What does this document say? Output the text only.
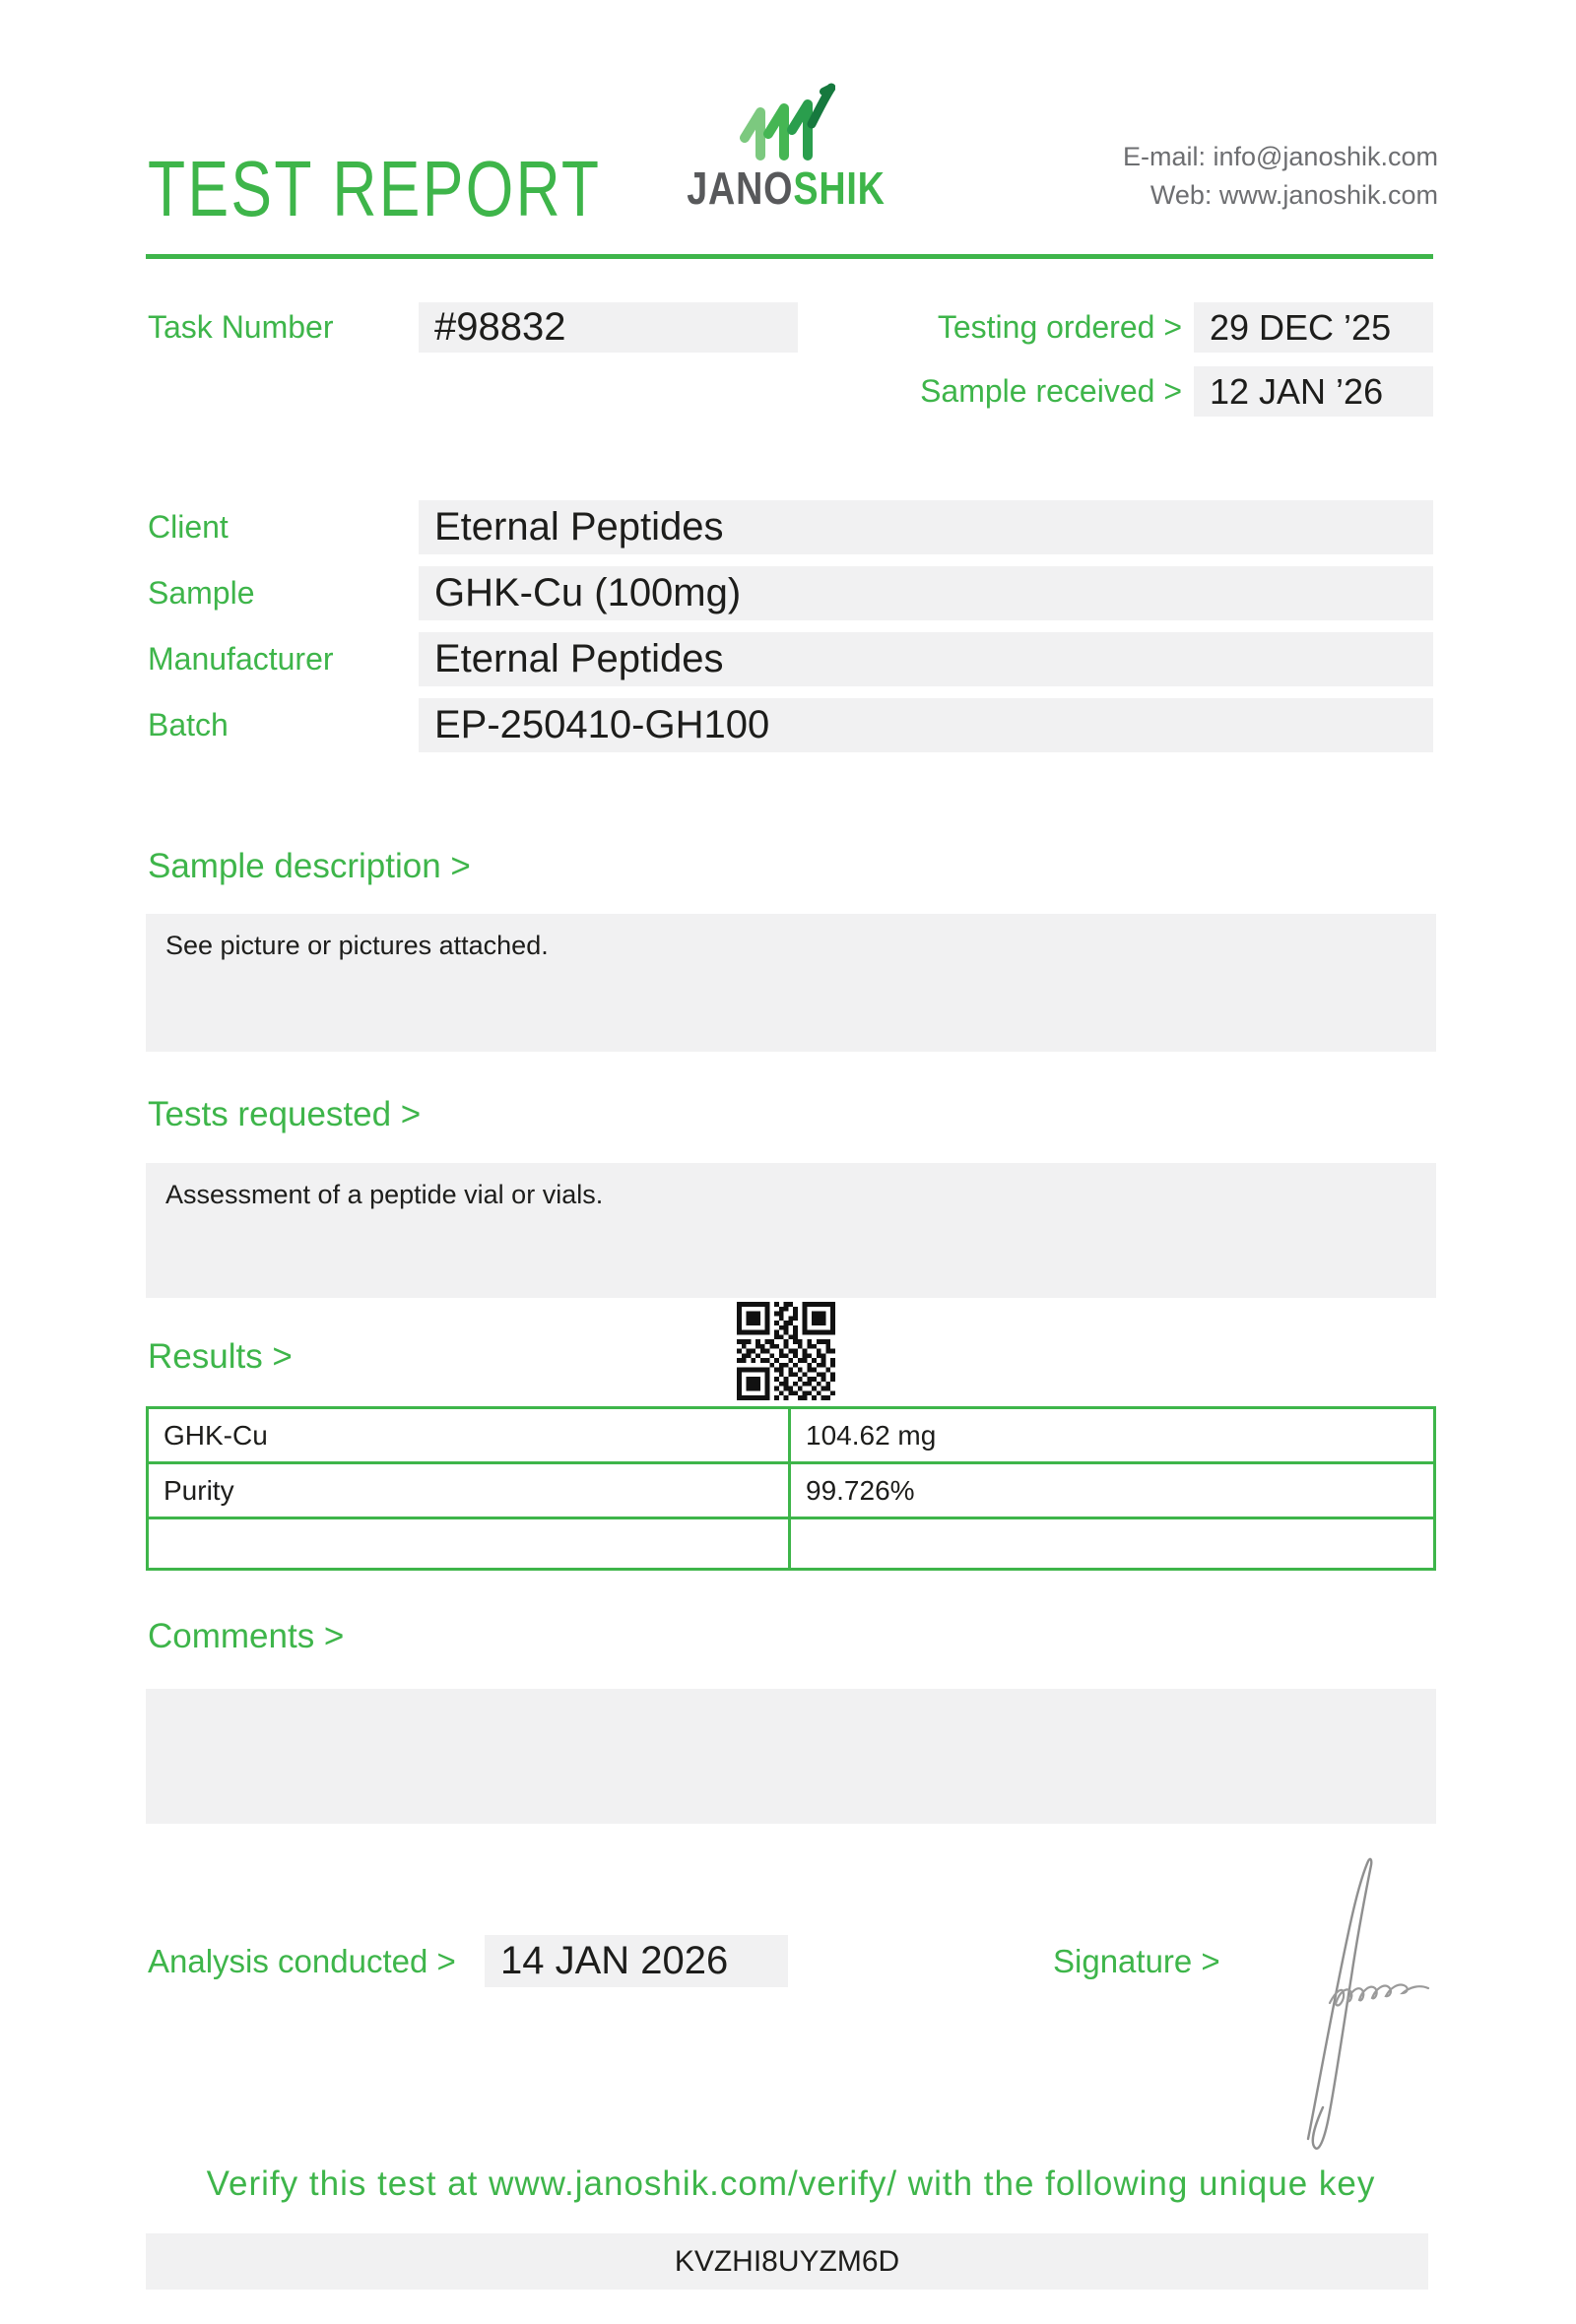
TEST REPORT JANOSHIK
E-mail: info@janoshik.com
Web: www.janoshik.com
Task Number	#98832	Testing ordered > 29 DEC ’25
Sample received > 12 JAN ’26
Client	Eternal Peptides
Sample	GHK-Cu (100mg)
Manufacturer	Eternal Peptides
Batch	EP-250410-GH100
Sample description >
See picture or pictures attached.
Tests requested >
Assessment of a peptide vial or vials.
Results >
GHK-Cu	104.62 mg
Purity	99.726%
Comments >
Analysis conducted >	14 JAN 2026	Signature >
Verify this test at www.janoshik.com/verify/ with the following unique key
KVZHI8UYZM6D
